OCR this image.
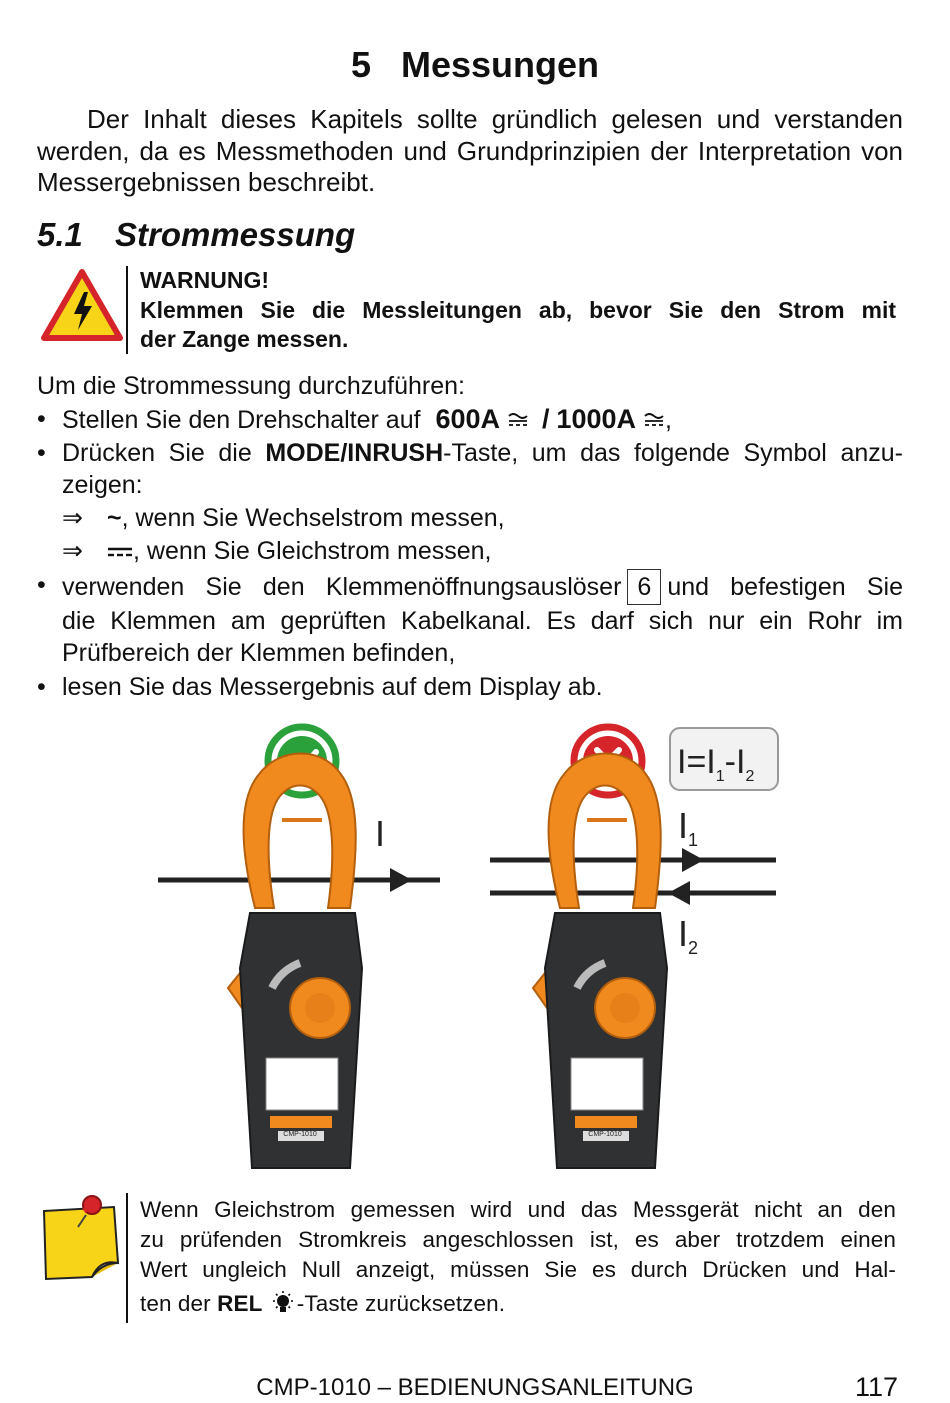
5 Messungen
Der Inhalt dieses Kapitels sollte gründlich gelesen und verstanden werden, da es Messmethoden und Grundprinzipien der Interpretation von Messergebnissen beschreibt.
5.1 Strommessung
WARNUNG!
Klemmen Sie die Messleitungen ab, bevor Sie den Strom mit
der Zange messen.
Um die Strommessung durchzuführen:
• Stellen Sie den Drehschalter auf 600A / 1000A ,
• Drücken Sie die MODE/INRUSH-Taste, um das folgende Symbol anzu-
zeigen:
⇒ ~, wenn Sie Wechselstrom messen,
⇒ , wenn Sie Gleichstrom messen,
• verwenden Sie den Klemmenöffnungsauslöser 6 und befestigen Sie
die Klemmen am geprüften Kabelkanal. Es darf sich nur ein Rohr im
Prüfbereich der Klemmen befinden,
• lesen Sie das Messergebnis auf dem Display ab.
I
CMP-1010
$I=I_1-I_2$
$I_1$
$I_2$
CMP-1010
Wenn Gleichstrom gemessen wird und das Messgerät nicht an den
zu prüfenden Stromkreis angeschlossen ist, es aber trotzdem einen
Wert ungleich Null anzeigt, müssen Sie es durch Drücken und Hal-
ten der REL -Taste zurücksetzen.
CMP-1010 – BEDIENUNGSANLEITUNG	117
